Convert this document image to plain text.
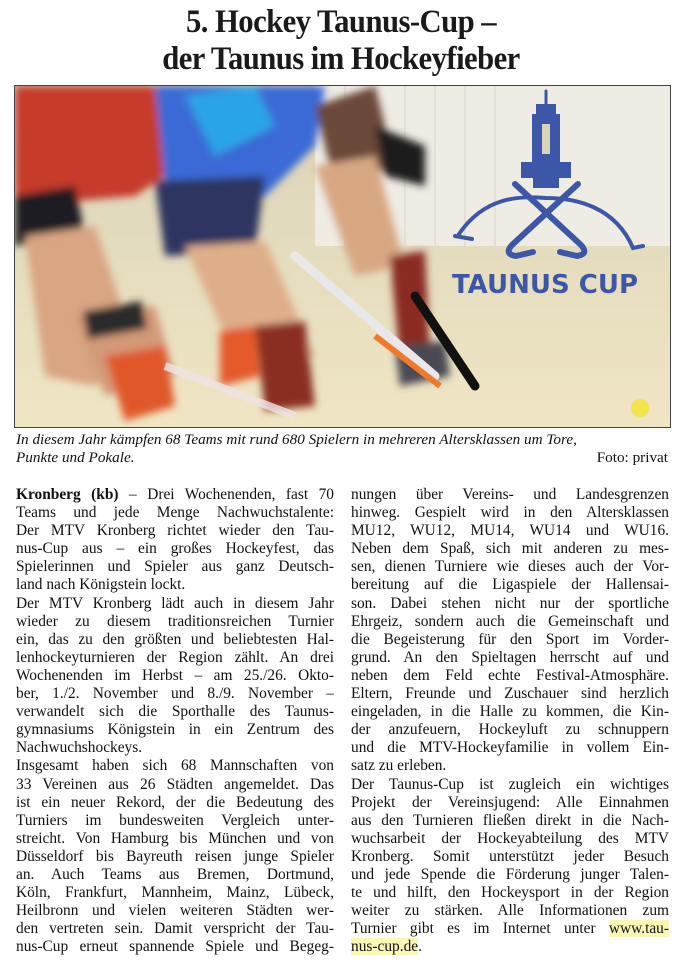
5. Hockey Taunus-Cup –
der Taunus im Hockeyfieber
TAUNUS CUP
In diesem Jahr kämpfen 68 Teams mit rund 680 Spielern in mehreren Altersklassen um Tore,
Punkte und Pokale.	Foto: privat
Kronberg (kb) – Drei Wochenenden, fast 70
Teams und jede Menge Nachwuchstalente:
Der MTV Kronberg richtet wieder den Tau-
nus-Cup aus – ein großes Hockeyfest, das
Spielerinnen und Spieler aus ganz Deutsch-
land nach Königstein lockt.
Der MTV Kronberg lädt auch in diesem Jahr
wieder zu diesem traditionsreichen Turnier
ein, das zu den größten und beliebtesten Hal-
lenhockeyturnieren der Region zählt. An drei
Wochenenden im Herbst – am 25./26. Okto-
ber, 1./2. November und 8./9. November –
verwandelt sich die Sporthalle des Taunus-
gymnasiums Königstein in ein Zentrum des
Nachwuchshockeys.
Insgesamt haben sich 68 Mannschaften von
33 Vereinen aus 26 Städten angemeldet. Das
ist ein neuer Rekord, der die Bedeutung des
Turniers im bundesweiten Vergleich unter-
streicht. Von Hamburg bis München und von
Düsseldorf bis Bayreuth reisen junge Spieler
an. Auch Teams aus Bremen, Dortmund,
Köln, Frankfurt, Mannheim, Mainz, Lübeck,
Heilbronn und vielen weiteren Städten wer-
den vertreten sein. Damit verspricht der Tau-
nus-Cup erneut spannende Spiele und Begeg-
nungen über Vereins- und Landesgrenzen
hinweg. Gespielt wird in den Altersklassen
MU12, WU12, MU14, WU14 und WU16.
Neben dem Spaß, sich mit anderen zu mes-
sen, dienen Turniere wie dieses auch der Vor-
bereitung auf die Ligaspiele der Hallensai-
son. Dabei stehen nicht nur der sportliche
Ehrgeiz, sondern auch die Gemeinschaft und
die Begeisterung für den Sport im Vorder-
grund. An den Spieltagen herrscht auf und
neben dem Feld echte Festival-Atmosphäre.
Eltern, Freunde und Zuschauer sind herzlich
eingeladen, in die Halle zu kommen, die Kin-
der anzufeuern, Hockeyluft zu schnuppern
und die MTV-Hockeyfamilie in vollem Ein-
satz zu erleben.
Der Taunus-Cup ist zugleich ein wichtiges
Projekt der Vereinsjugend: Alle Einnahmen
aus den Turnieren fließen direkt in die Nach-
wuchsarbeit der Hockeyabteilung des MTV
Kronberg. Somit unterstützt jeder Besuch
und jede Spende die Förderung junger Talen-
te und hilft, den Hockeysport in der Region
weiter zu stärken. Alle Informationen zum
Turnier gibt es im Internet unter www.tau-
nus-cup.de.
